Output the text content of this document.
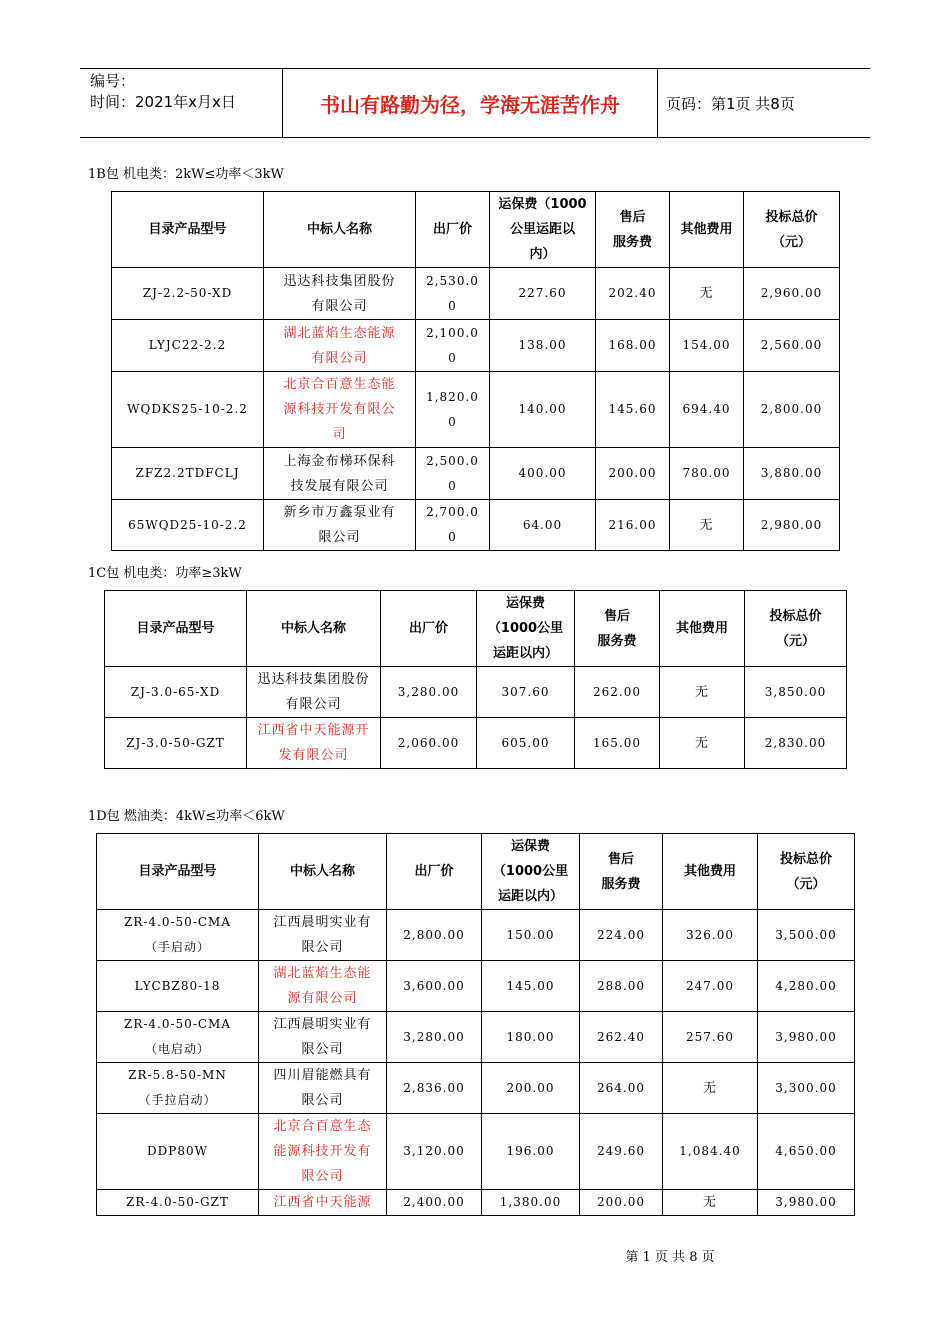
编号：
时间：2021年x月x日	书山有路勤为径，学海无涯苦作舟	页码：第1页 共8页
1B包 机电类：2kW≤功率＜3kW
目录产品型号	中标人名称	出厂价	运保费（1000
公里运距以
内）	售后
服务费	其他费用	投标总价
（元）
ZJ-2.2-50-XD	迅达科技集团股份
有限公司	2,530.0
0	227.60	202.40	无	2,960.00
LYJC22-2.2	湖北蓝焰生态能源
有限公司	2,100.0
0	138.00	168.00	154.00	2,560.00
WQDKS25-10-2.2	北京合百意生态能
源科技开发有限公
司	1,820.0
0	140.00	145.60	694.40	2,800.00
ZFZ2.2TDFCLJ	上海金布梯环保科
技发展有限公司	2,500.0
0	400.00	200.00	780.00	3,880.00
65WQD25-10-2.2	新乡市万鑫泵业有
限公司	2,700.0
0	64.00	216.00	无	2,980.00
1C包 机电类：功率≥3kW
目录产品型号	中标人名称	出厂价	运保费
（1000公里
运距以内）	售后
服务费	其他费用	投标总价
（元）
ZJ-3.0-65-XD	迅达科技集团股份
有限公司	3,280.00	307.60	262.00	无	3,850.00
ZJ-3.0-50-GZT	江西省中天能源开
发有限公司	2,060.00	605.00	165.00	无	2,830.00
1D包 燃油类：4kW≤功率＜6kW
目录产品型号	中标人名称	出厂价	运保费
（1000公里
运距以内）	售后
服务费	其他费用	投标总价
（元）
ZR-4.0-50-CMA
（手启动）	江西晨明实业有
限公司	2,800.00	150.00	224.00	326.00	3,500.00
LYCBZ80-18	湖北蓝焰生态能
源有限公司	3,600.00	145.00	288.00	247.00	4,280.00
ZR-4.0-50-CMA
（电启动）	江西晨明实业有
限公司	3,280.00	180.00	262.40	257.60	3,980.00
ZR-5.8-50-MN
（手拉启动）	四川眉能燃具有
限公司	2,836.00	200.00	264.00	无	3,300.00
DDP80W	北京合百意生态
能源科技开发有
限公司	3,120.00	196.00	249.60	1,084.40	4,650.00
ZR-4.0-50-GZT	江西省中天能源	2,400.00	1,380.00	200.00	无	3,980.00
第 1 页 共 8 页
